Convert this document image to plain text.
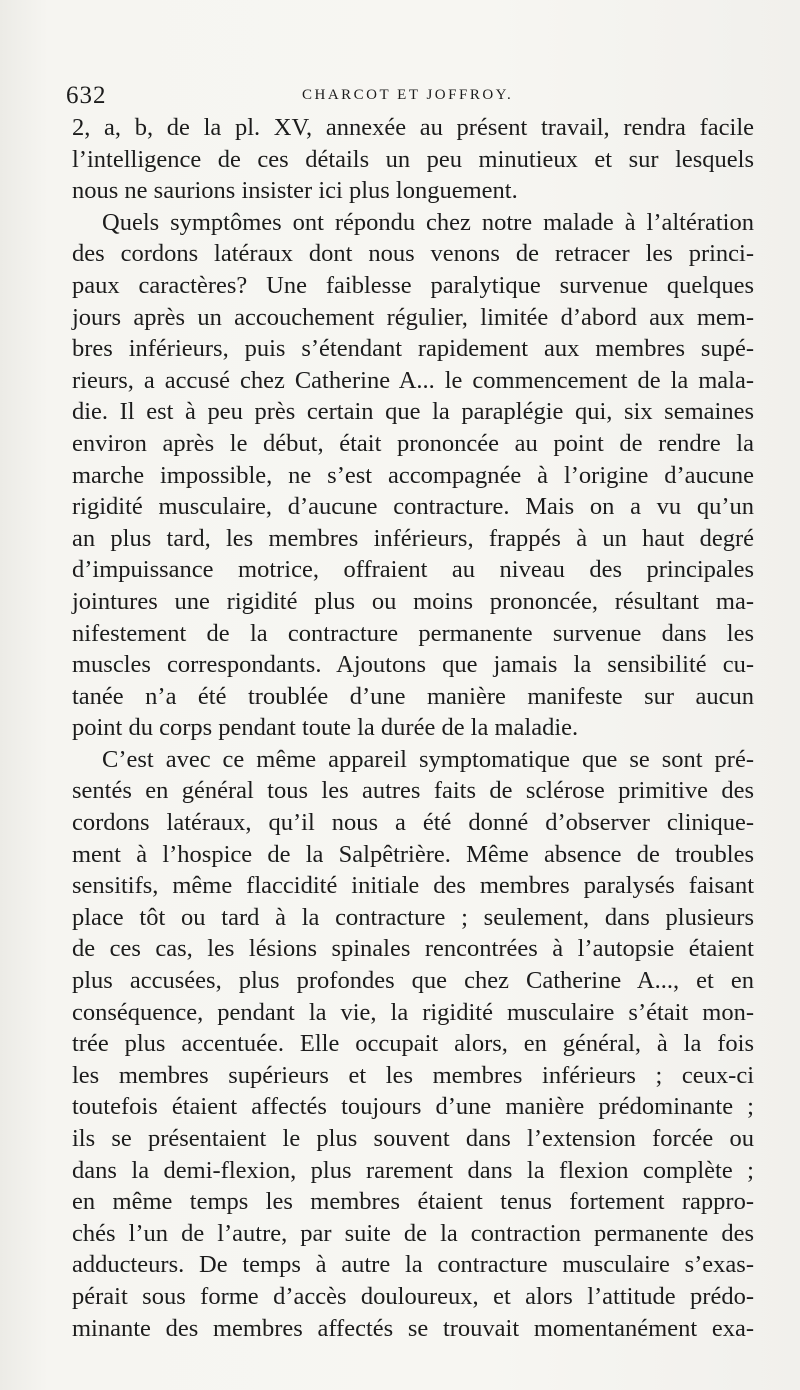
632	CHARCOT ET JOFFROY.
2, a, b, de la pl. XV, annexée au présent travail, rendra facile
l’intelligence de ces détails un peu minutieux et sur lesquels
nous ne saurions insister ici plus longuement.
Quels symptômes ont répondu chez notre malade à l’altération
des cordons latéraux dont nous venons de retracer les princi-
paux caractères? Une faiblesse paralytique survenue quelques
jours après un accouchement régulier, limitée d’abord aux mem-
bres inférieurs, puis s’étendant rapidement aux membres supé-
rieurs, a accusé chez Catherine A... le commencement de la mala-
die. Il est à peu près certain que la paraplégie qui, six semaines
environ après le début, était prononcée au point de rendre la
marche impossible, ne s’est accompagnée à l’origine d’aucune
rigidité musculaire, d’aucune contracture. Mais on a vu qu’un
an plus tard, les membres inférieurs, frappés à un haut degré
d’impuissance motrice, offraient au niveau des principales
jointures une rigidité plus ou moins prononcée, résultant ma-
nifestement de la contracture permanente survenue dans les
muscles correspondants. Ajoutons que jamais la sensibilité cu-
tanée n’a été troublée d’une manière manifeste sur aucun
point du corps pendant toute la durée de la maladie.
C’est avec ce même appareil symptomatique que se sont pré-
sentés en général tous les autres faits de sclérose primitive des
cordons latéraux, qu’il nous a été donné d’observer clinique-
ment à l’hospice de la Salpêtrière. Même absence de troubles
sensitifs, même flaccidité initiale des membres paralysés faisant
place tôt ou tard à la contracture ; seulement, dans plusieurs
de ces cas, les lésions spinales rencontrées à l’autopsie étaient
plus accusées, plus profondes que chez Catherine A..., et en
conséquence, pendant la vie, la rigidité musculaire s’était mon-
trée plus accentuée. Elle occupait alors, en général, à la fois
les membres supérieurs et les membres inférieurs ; ceux-ci
toutefois étaient affectés toujours d’une manière prédominante ;
ils se présentaient le plus souvent dans l’extension forcée ou
dans la demi-flexion, plus rarement dans la flexion complète ;
en même temps les membres étaient tenus fortement rappro-
chés l’un de l’autre, par suite de la contraction permanente des
adducteurs. De temps à autre la contracture musculaire s’exas-
pérait sous forme d’accès douloureux, et alors l’attitude prédo-
minante des membres affectés se trouvait momentanément exa-
